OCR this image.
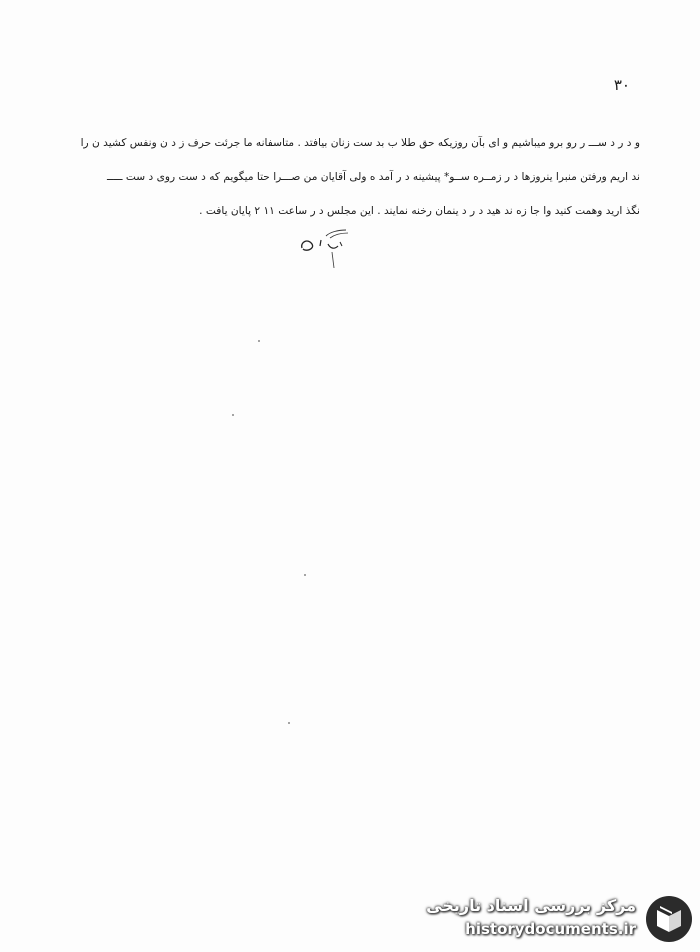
۳۰
و د ر د ســـ ر رو برو میباشیم و ای بآن روزیکه حق طلا ب بد ست زنان بیافتد . متاسفانه ما جرئت حرف ز د ن ونفس کشید ن را
ند اریم ورفتن منبرا ینروزها د ر زمــره ســو* پیشینه د ر آمد ه ولی آقایان من صـــرا حتا میگویم که د ست روی د ست ـــــ
نگذ ارید وهمت کنید وا جا زه ند هید د ر د ینمان رخنه نمایند . این مجلس د ر ساعت ۱۱ ۲ پایان یافت .
مرکز بررسی اسناد تاریخی
historydocuments.ir
